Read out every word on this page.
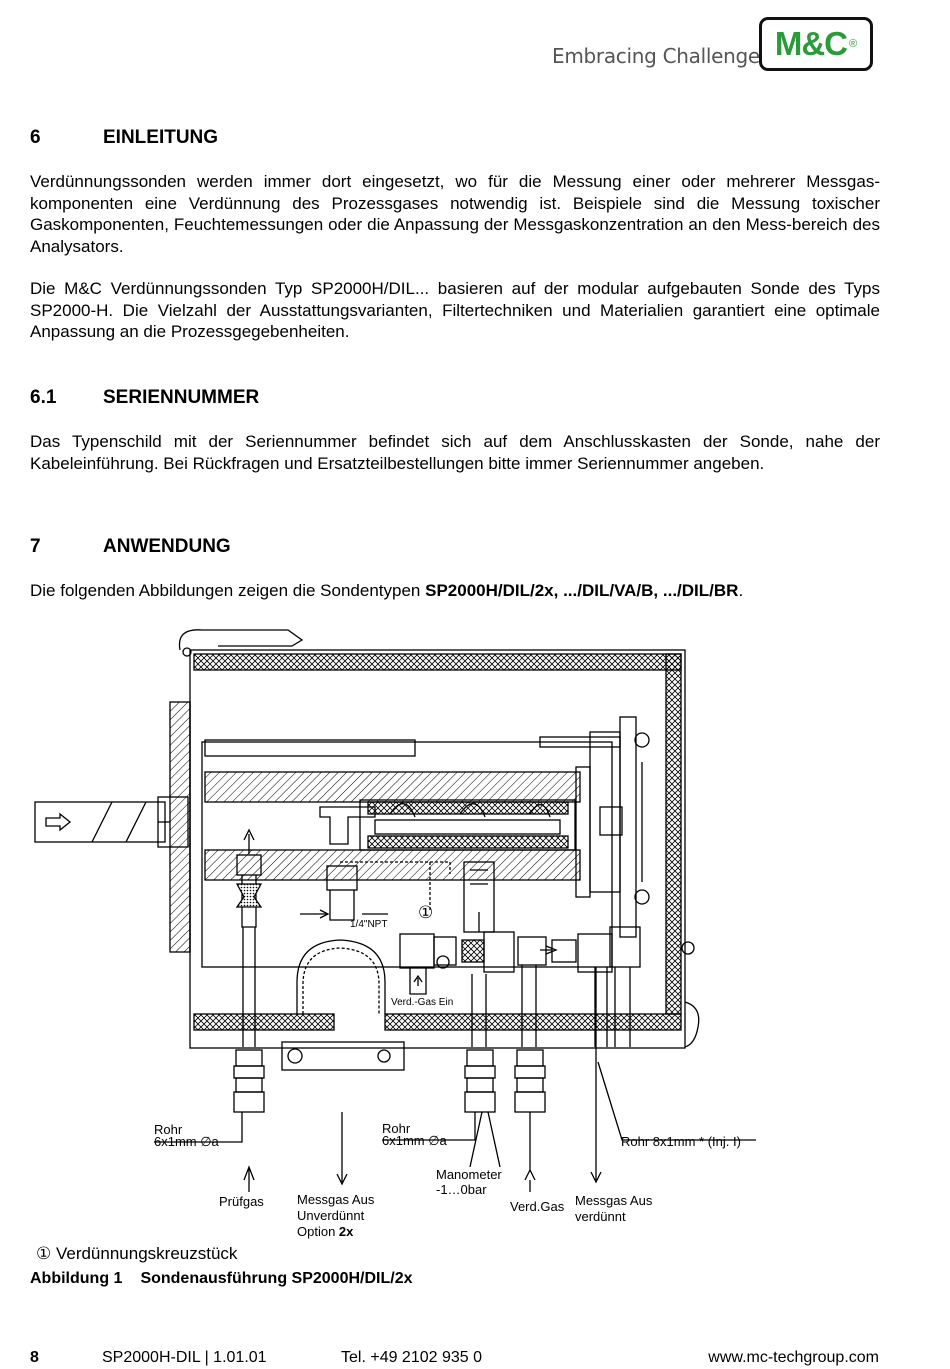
Embracing Challenge M&C ®
6	EINLEITUNG
Verdünnungssonden werden immer dort eingesetzt, wo für die Messung einer oder mehrerer Messgas-komponenten eine Verdünnung des Prozessgases notwendig ist. Beispiele sind die Messung toxischer Gaskomponenten, Feuchtemessungen oder die Anpassung der Messgaskonzentration an den Mess-bereich des Analysators.
Die M&C Verdünnungssonden Typ SP2000H/DIL... basieren auf der modular aufgebauten Sonde des Typs SP2000-H. Die Vielzahl der Ausstattungsvarianten, Filtertechniken und Materialien garantiert eine optimale Anpassung an die Prozessgegebenheiten.
6.1 SERIENNUMMER
Das Typenschild mit der Seriennummer befindet sich auf dem Anschlusskasten der Sonde, nahe der Kabeleinführung. Bei Rückfragen und Ersatzteilbestellungen bitte immer Seriennummer angeben.
7	ANWENDUNG
Die folgenden Abbildungen zeigen die Sondentypen SP2000H/DIL/2x, .../DIL/VA/B, .../DIL/BR.
①
1/4"NPT
Verd.-Gas Ein
Rohr
6x1mm ∅a
Rohr
6x1mm ∅a	Rohr 8x1mm * (Inj. I)
Prüfgas	Messgas Aus
Unverdünnt
Option 2x
Manometer
-1…0bar
Verd.Gas Messgas Aus
verdünnt
① Verdünnungskreuzstück
Abbildung 1 Sondenausführung SP2000H/DIL/2x
8	SP2000H-DIL | 1.01.01	Tel. +49 2102 935 0	www.mc-techgroup.com
